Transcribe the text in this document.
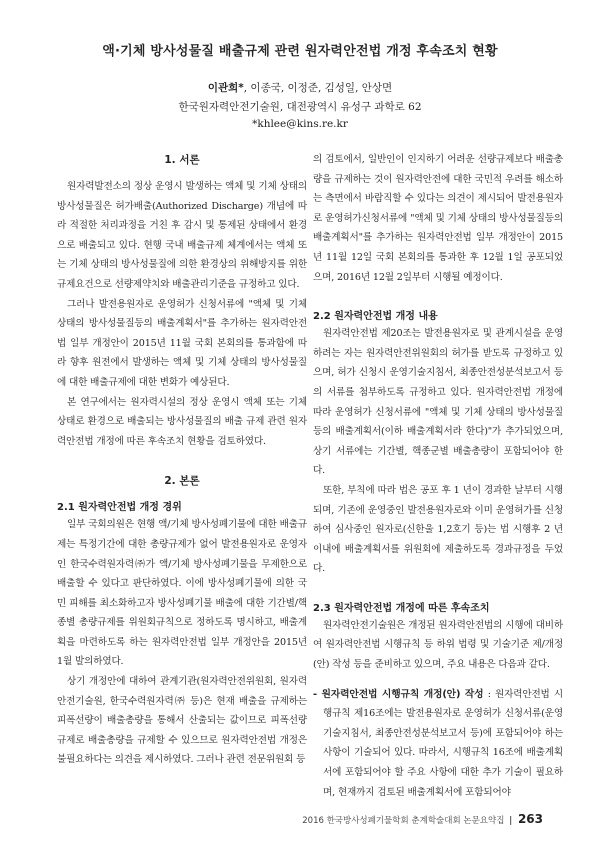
액·기체 방사성물질 배출규제 관련 원자력안전법 개정 후속조치 현황
이관희*, 이종국, 이정준, 김성일, 안상면
한국원자력안전기술원, 대전광역시 유성구 과학로 62
*khlee@kins.re.kr
1. 서론

원자력발전소의 정상 운영시 발생하는 액체 및 기체 상태의 방사성물질은 허가배출(Authorized Discharge) 개념에 따라 적절한 처리과정을 거친 후 감시 및 통제된 상태에서 환경으로 배출되고 있다. 현행 국내 배출규제 체계에서는 액체 또는 기체 상태의 방사성물질에 의한 환경상의 위해방지를 위한 규제요건으로 선량제약치와 배출관리기준을 규정하고 있다.

그러나 발전용원자로 운영허가 신청서류에 "액체 및 기체 상태의 방사성물질등의 배출계획서"를 추가하는 원자력안전법 일부 개정안이 2015년 11월 국회 본회의를 통과함에 따라 향후 원전에서 발생하는 액체 및 기체 상태의 방사성물질에 대한 배출규제에 대한 변화가 예상된다.

본 연구에서는 원자력시설의 정상 운영시 액체 또는 기체 상태로 환경으로 배출되는 방사성물질의 배출 규제 관련 원자력안전법 개정에 따른 후속조치 현황을 검토하였다.

2. 본론
2.1 원자력안전법 개정 경위

일부 국회의원은 현행 액/기체 방사성폐기물에 대한 배출규제는 특정기간에 대한 총량규제가 없어 발전용원자로 운영자인 한국수력원자력㈜가 액/기체 방사성폐기물을 무제한으로 배출할 수 있다고 판단하였다. 이에 방사성폐기물에 의한 국민 피해를 최소화하고자 방사성폐기물 배출에 대한 기간별/핵종별 총량규제를 위원회규칙으로 정하도록 명시하고, 배출계획을 마련하도록 하는 원자력안전법 일부 개정안을 2015년 1월 발의하였다.

상기 개정안에 대하여 관계기관(원자력안전위원회, 원자력안전기술원, 한국수력원자력㈜ 등)은 현재 배출을 규제하는 피폭선량이 배출총량을 통해서 산출되는 값이므로 피폭선량 규제로 배출총량을 규제할 수 있으므로 원자력안전법 개정은 불필요하다는 의견을 제시하였다. 그러나 관련 전문위원회 등

의 검토에서, 일반인이 인지하기 어려운 선량규제보다 배출총량을 규제하는 것이 원자력안전에 대한 국민적 우려를 해소하는 측면에서 바람직할 수 있다는 의견이 제시되어 발전용원자로 운영허가신청서류에 "액체 및 기체 상태의 방사성물질등의 배출계획서"를 추가하는 원자력안전법 일부 개정안이 2015년 11월 12일 국회 본회의를 통과한 후 12월 1일 공포되었으며, 2016년 12월 2일부터 시행될 예정이다.

2.2 원자력안전법 개정 내용

원자력안전법 제20조는 발전용원자로 및 관계시설을 운영하려는 자는 원자력안전위원회의 허가를 받도록 규정하고 있으며, 허가 신청시 운영기술지침서, 최종안전성분석보고서 등의 서류를 첨부하도록 규정하고 있다. 원자력안전법 개정에 따라 운영허가 신청서류에 "액체 및 기체 상태의 방사성물질등의 배출계획서(이하 배출계획서라 한다)"가 추가되었으며, 상기 서류에는 기간별, 핵종군별 배출총량이 포함되어야 한다.

또한, 부칙에 따라 법은 공포 후 1 년이 경과한 날부터 시행되며, 기존에 운영중인 발전용원자로와 이미 운영허가를 신청하여 심사중인 원자로(신한울 1,2호기 등)는 법 시행후 2 년 이내에 배출계획서를 위원회에 제출하도록 경과규정을 두었다.

2.3 원자력안전법 개정에 따른 후속조치

원자력안전기술원은 개정된 원자력안전법의 시행에 대비하여 원자력안전법 시행규칙 등 하위 법령 및 기술기준 제/개정(안) 작성 등을 준비하고 있으며, 주요 내용은 다음과 같다.

- 원자력안전법 시행규칙 개정(안) 작성 : 원자력안전법 시행규칙 제16조에는 발전용원자로 운영허가 신청서류(운영기술지침서, 최종안전성분석보고서 등)에 포함되어야 하는 사항이 기술되어 있다. 따라서, 시행규칙 16조에 배출계획서에 포함되어야 할 주요 사항에 대한 추가 기술이 필요하며, 현재까지 검토된 배출계획서에 포함되어야
2016 한국방사성폐기물학회 춘계학술대회 논문요약집 | 263
